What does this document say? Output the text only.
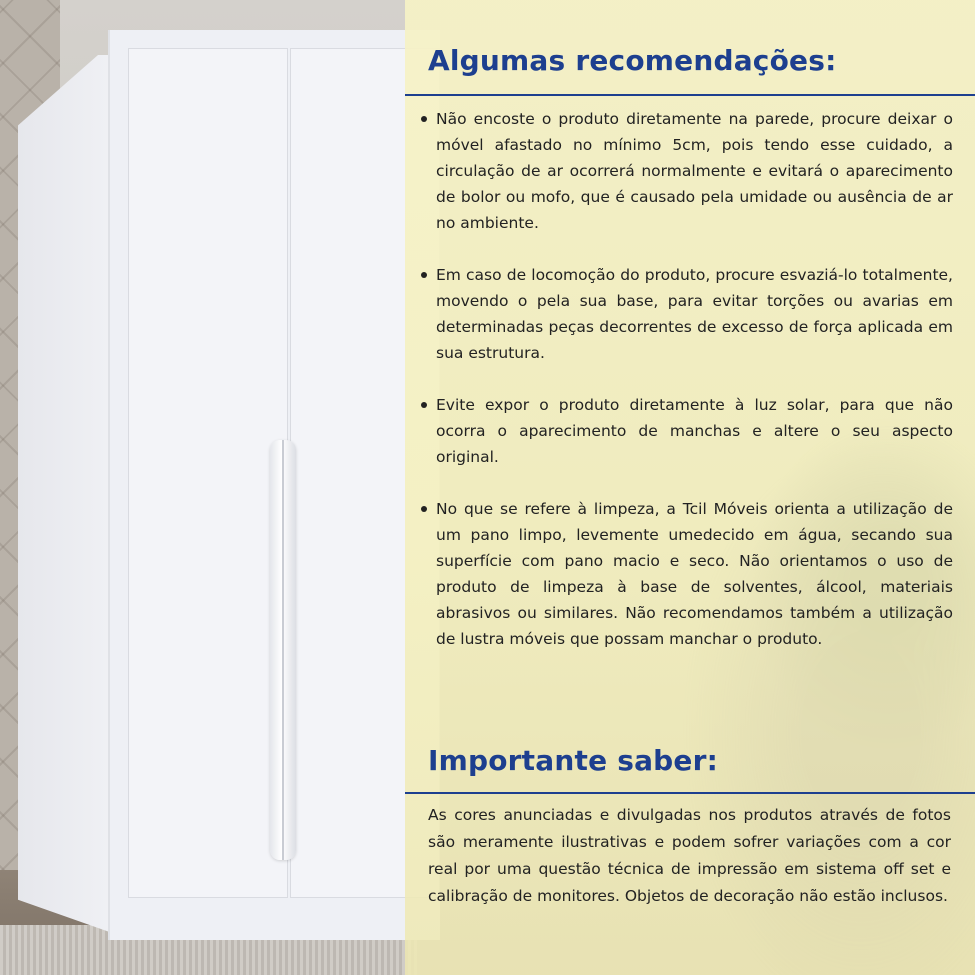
Algumas recomendações:
Não encoste o produto diretamente na parede, procure deixar o móvel afastado no mínimo 5cm, pois tendo esse cuidado, a circulação de ar ocorrerá normalmente e evitará o aparecimento de bolor ou mofo, que é causado pela umidade ou ausência de ar no ambiente.
Em caso de locomoção do produto, procure esvaziá-lo totalmente, movendo o pela sua base, para evitar torções ou avarias em determinadas peças decorrentes de excesso de força aplicada em sua estrutura.
Evite expor o produto diretamente à luz solar, para que não ocorra o aparecimento de manchas e altere o seu aspecto original.
No que se refere à limpeza, a Tcil Móveis orienta a utilização de um pano limpo, levemente umedecido em água, secando sua superfície com pano macio e seco. Não orientamos o uso de produto de limpeza à base de solventes, álcool, materiais abrasivos ou similares. Não recomendamos também a utilização de lustra móveis que possam manchar o produto.
Importante saber:

As cores anunciadas e divulgadas nos produtos através de fotos são meramente ilustrativas e podem sofrer variações com a cor real por uma questão técnica de impressão em sistema off set e calibração de monitores. Objetos de decoração não estão inclusos.
